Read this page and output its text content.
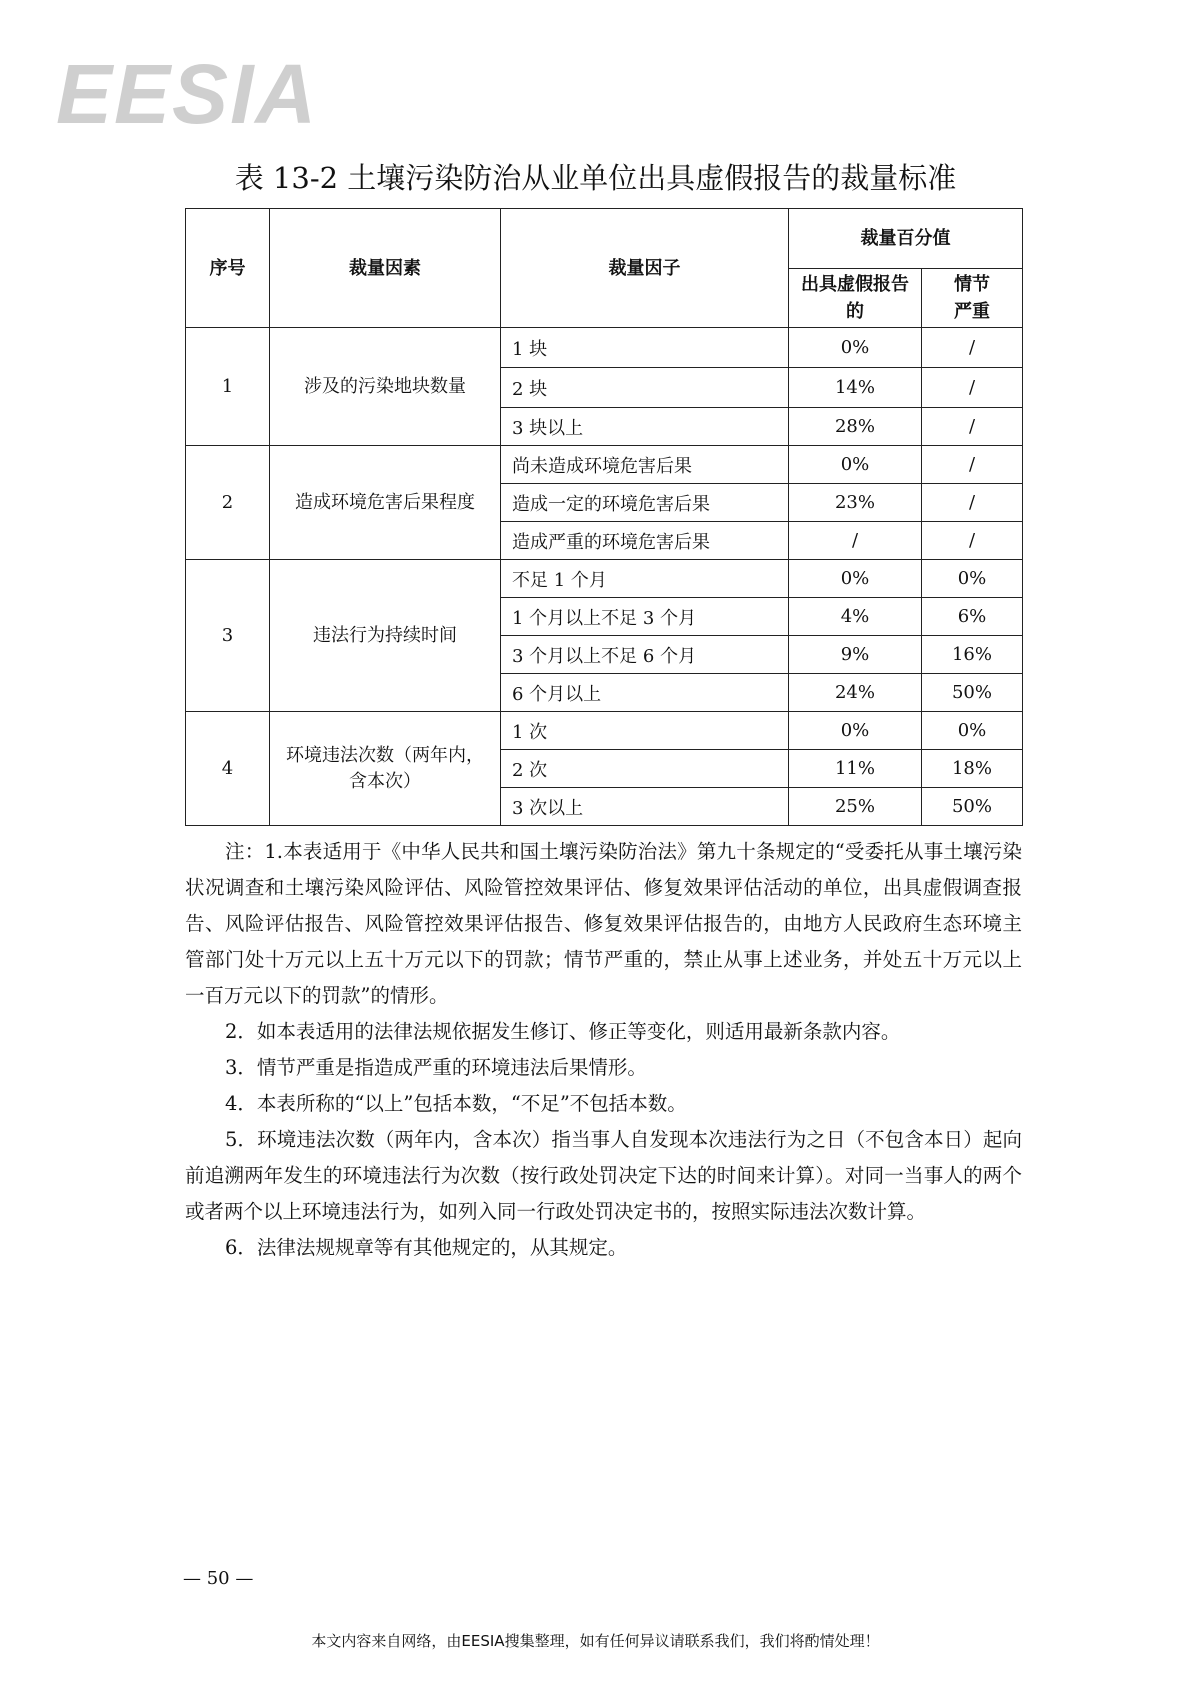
EESIA
表 13-2 土壤污染防治从业单位出具虚假报告的裁量标准
序号	裁量因素	裁量因子	裁量百分值	
			出具虚假报告的	情节严重
1	涉及的污染地块数量	1 块	0%	/
		2 块	14%	/
		3 块以上	28%	/
2	造成环境危害后果程度	尚未造成环境危害后果	0%	/
		造成一定的环境危害后果	23%	/
		造成严重的环境危害后果	/	/
3	违法行为持续时间	不足 1 个月	0%	0%
		1 个月以上不足 3 个月	4%	6%
		3 个月以上不足 6 个月	9%	16%
		6 个月以上	24%	50%
4	环境违法次数（两年内，含本次）	1 次	0%	0%
		2 次	11%	18%
		3 次以上	25%	50%

注：1.本表适用于《中华人民共和国土壤污染防治法》第九十条规定的“受委托从事土壤污染状况调查和土壤污染风险评估、风险管控效果评估、修复效果评估活动的单位，出具虚假调查报告、风险评估报告、风险管控效果评估报告、修复效果评估报告的，由地方人民政府生态环境主管部门处十万元以上五十万元以下的罚款；情节严重的，禁止从事上述业务，并处五十万元以上一百万元以下的罚款”的情形。

2．如本表适用的法律法规依据发生修订、修正等变化，则适用最新条款内容。

3．情节严重是指造成严重的环境违法后果情形。

4．本表所称的“以上”包括本数，“不足”不包括本数。

5．环境违法次数（两年内，含本次）指当事人自发现本次违法行为之日（不包含本日）起向前追溯两年发生的环境违法行为次数（按行政处罚决定下达的时间来计算）。对同一当事人的两个或者两个以上环境违法行为，如列入同一行政处罚决定书的，按照实际违法次数计算。

6．法律法规规章等有其他规定的，从其规定。

— 50 —
本文内容来自网络，由EESIA搜集整理，如有任何异议请联系我们，我们将酌情处理！
